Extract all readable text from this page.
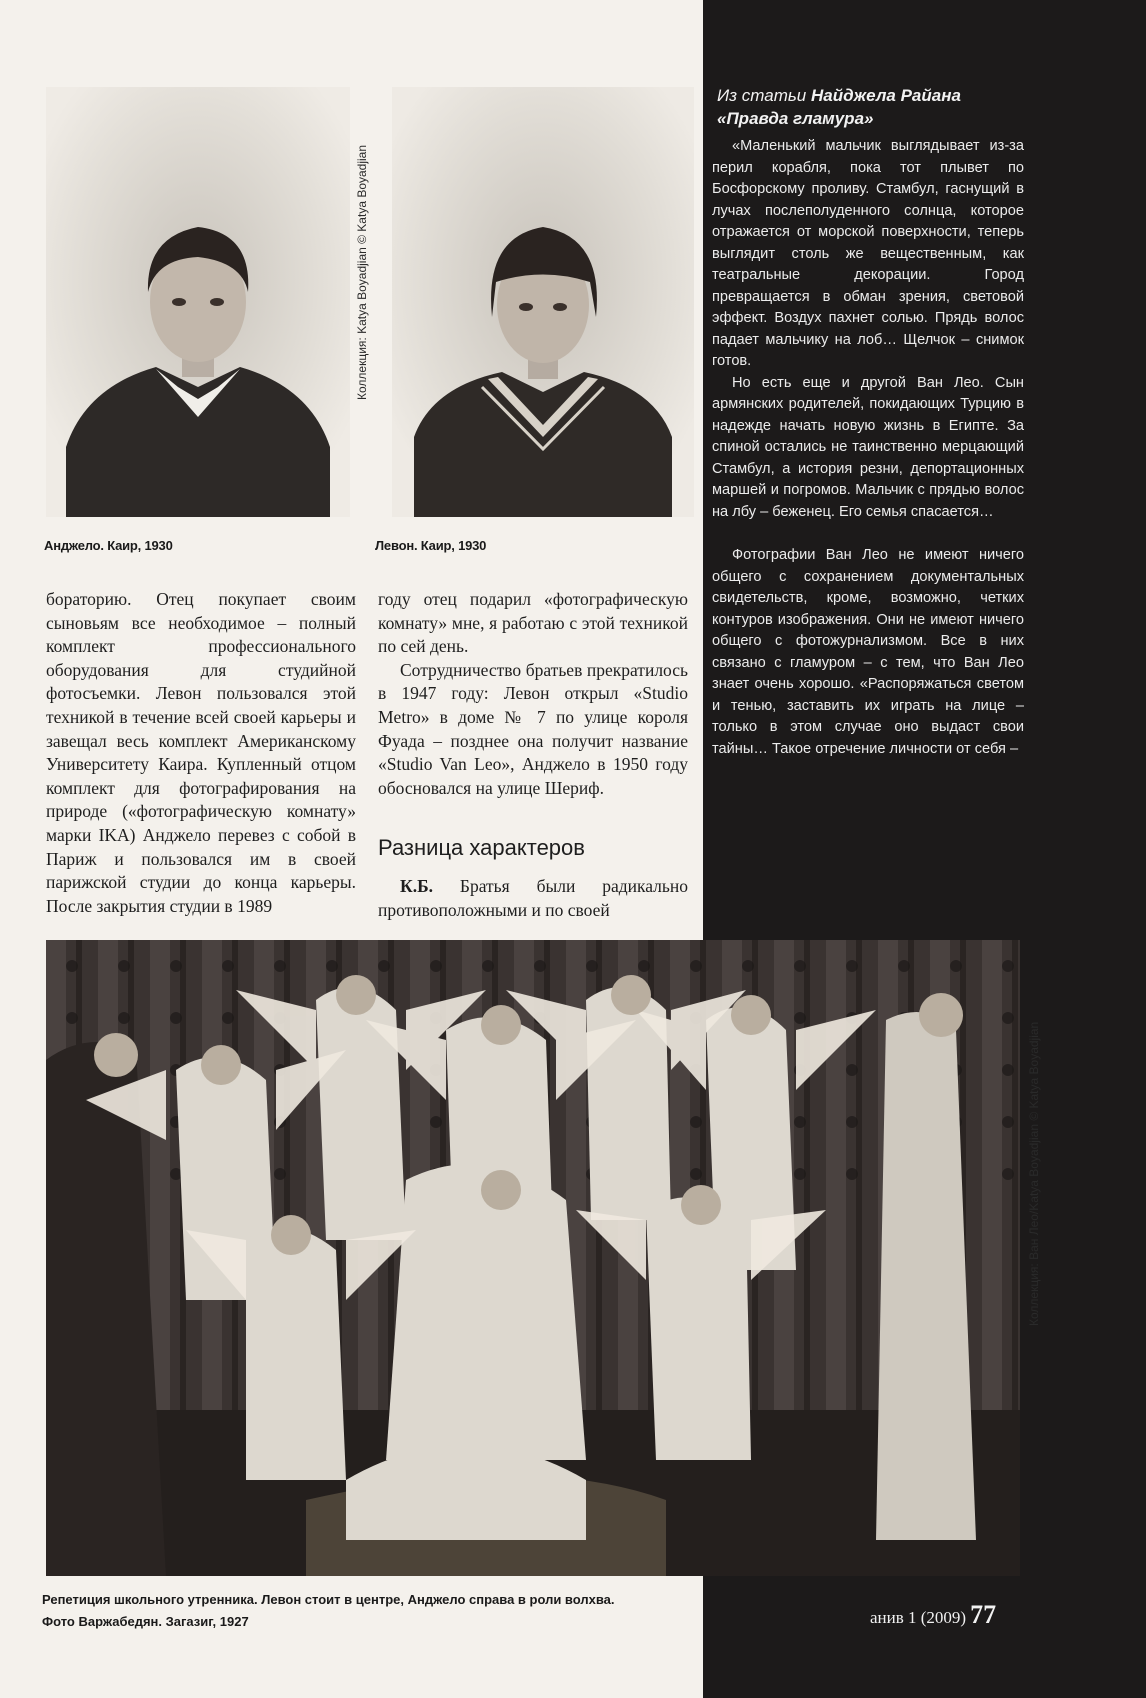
Анджело. Каир, 1930	Левон. Каир, 1930
Коллекция: Katya Boyadjian © Katya Boyadjian

бораторию. Отец покупает своим сыновьям все необходимое – полный комплект профессионального оборудования для студийной фотосъемки. Левон пользовался этой техникой в течение всей своей карьеры и завещал весь комплект Американскому Университету Каира. Купленный отцом комплект для фотографирования на природе («фотографическую комнату» марки IKA) Анджело перевез с собой в Париж и пользовался им в своей парижской студии до конца карьеры. После закрытия студии в 1989

году отец подарил «фотографическую комнату» мне, я работаю с этой техникой по сей день.

Сотрудничество братьев прекратилось в 1947 году: Левон открыл «Studio Metro» в доме № 7 по улице короля Фуада – позднее она получит название «Studio Van Leo», Анджело в 1950 году обосновался на улице Шериф.

Разница характеров

К.Б. Братья были радикально противоположными и по своей

Из статьи Найджела Райана
«Правда гламура»

«Маленький мальчик выглядывает из-за перил корабля, пока тот плывет по Босфорскому проливу. Стамбул, гаснущий в лучах послеполуденного солнца, которое отражается от морской поверхности, теперь выглядит столь же вещественным, как театральные декорации. Город превращается в обман зрения, световой эффект. Воздух пахнет солью. Прядь волос падает мальчику на лоб… Щелчок – снимок готов.

Но есть еще и другой Ван Лео. Сын армянских родителей, покидающих Турцию в надежде начать новую жизнь в Египте. За спиной остались не таинственно мерцающий Стамбул, а история резни, депортационных маршей и погромов. Мальчик с прядью волос на лбу – беженец. Его семья спасается…

Фотографии Ван Лео не имеют ничего общего с сохранением документальных свидетельств, кроме, возможно, четких контуров изображения. Они не имеют ничего общего с фотожурнализмом. Все в них связано с гламуром – с тем, что Ван Лео знает очень хорошо. «Распоряжаться светом и тенью, заставить их играть на лице – только в этом случае оно выдаст свои тайны… Такое отречение личности от себя –

Коллекция: Ван Лео/Katya Boyadjian © Katya Boyadjian
Репетиция школьного утренника. Левон стоит в центре, Анджело справа в роли волхва.
Фото Варжабедян. Загазиг, 1927	анив 1 (2009) 77
